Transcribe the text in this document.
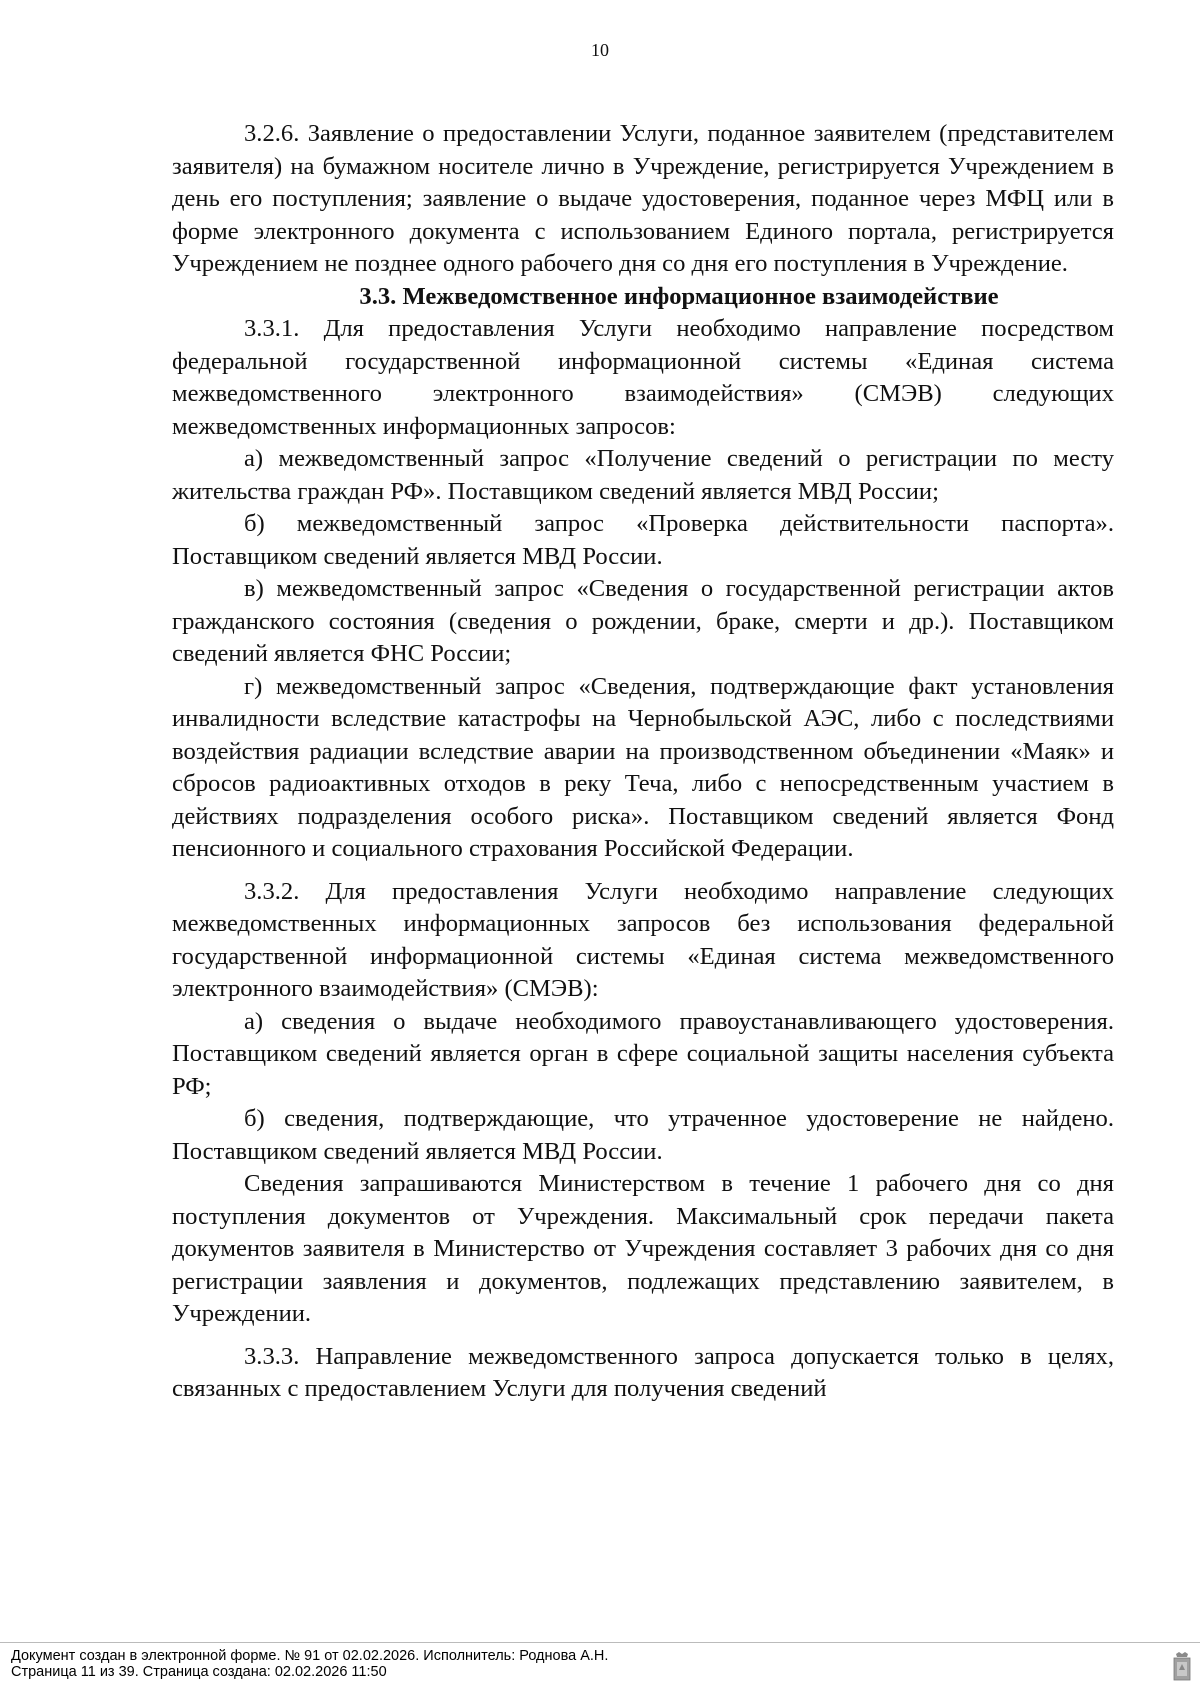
10

3.2.6. Заявление о предоставлении Услуги, поданное заявителем (представителем заявителя) на бумажном носителе лично в Учреждение, регистрируется Учреждением в день его поступления; заявление о выдаче удостоверения, поданное через МФЦ или в форме электронного документа с использованием Единого портала, регистрируется Учреждением не позднее одного рабочего дня со дня его поступления в Учреждение.

3.3. Межведомственное информационное взаимодействие

3.3.1. Для предоставления Услуги необходимо направление посредством федеральной государственной информационной системы «Единая система межведомственного электронного взаимодействия» (СМЭВ) следующих межведомственных информационных запросов:

а) межведомственный запрос «Получение сведений о регистрации по месту жительства граждан РФ». Поставщиком сведений является МВД России;

б) межведомственный запрос «Проверка действительности паспорта». Поставщиком сведений является МВД России.

в) межведомственный запрос «Сведения о государственной регистрации актов гражданского состояния (сведения о рождении, браке, смерти и др.). Поставщиком сведений является ФНС России;

г) межведомственный запрос «Сведения, подтверждающие факт установления инвалидности вследствие катастрофы на Чернобыльской АЭС, либо с последствиями воздействия радиации вследствие аварии на производственном объединении «Маяк» и сбросов радиоактивных отходов в реку Теча, либо с непосредственным участием в действиях подразделения особого риска». Поставщиком сведений является Фонд пенсионного и социального страхования Российской Федерации.

3.3.2. Для предоставления Услуги необходимо направление следующих межведомственных информационных запросов без использования федеральной государственной информационной системы «Единая система межведомственного электронного взаимодействия» (СМЭВ):

а) сведения о выдаче необходимого правоустанавливающего удостоверения. Поставщиком сведений является орган в сфере социальной защиты населения субъекта РФ;

б) сведения, подтверждающие, что утраченное удостоверение не найдено. Поставщиком сведений является МВД России.

Сведения запрашиваются Министерством в течение 1 рабочего дня со дня поступления документов от Учреждения. Максимальный срок передачи пакета документов заявителя в Министерство от Учреждения составляет 3 рабочих дня со дня регистрации заявления и документов, подлежащих представлению заявителем, в Учреждении.

3.3.3. Направление межведомственного запроса допускается только в целях, связанных с предоставлением Услуги для получения сведений

Документ создан в электронной форме. № 91 от 02.02.2026. Исполнитель: Роднова А.Н.
Страница 11 из 39. Страница создана: 02.02.2026 11:50
